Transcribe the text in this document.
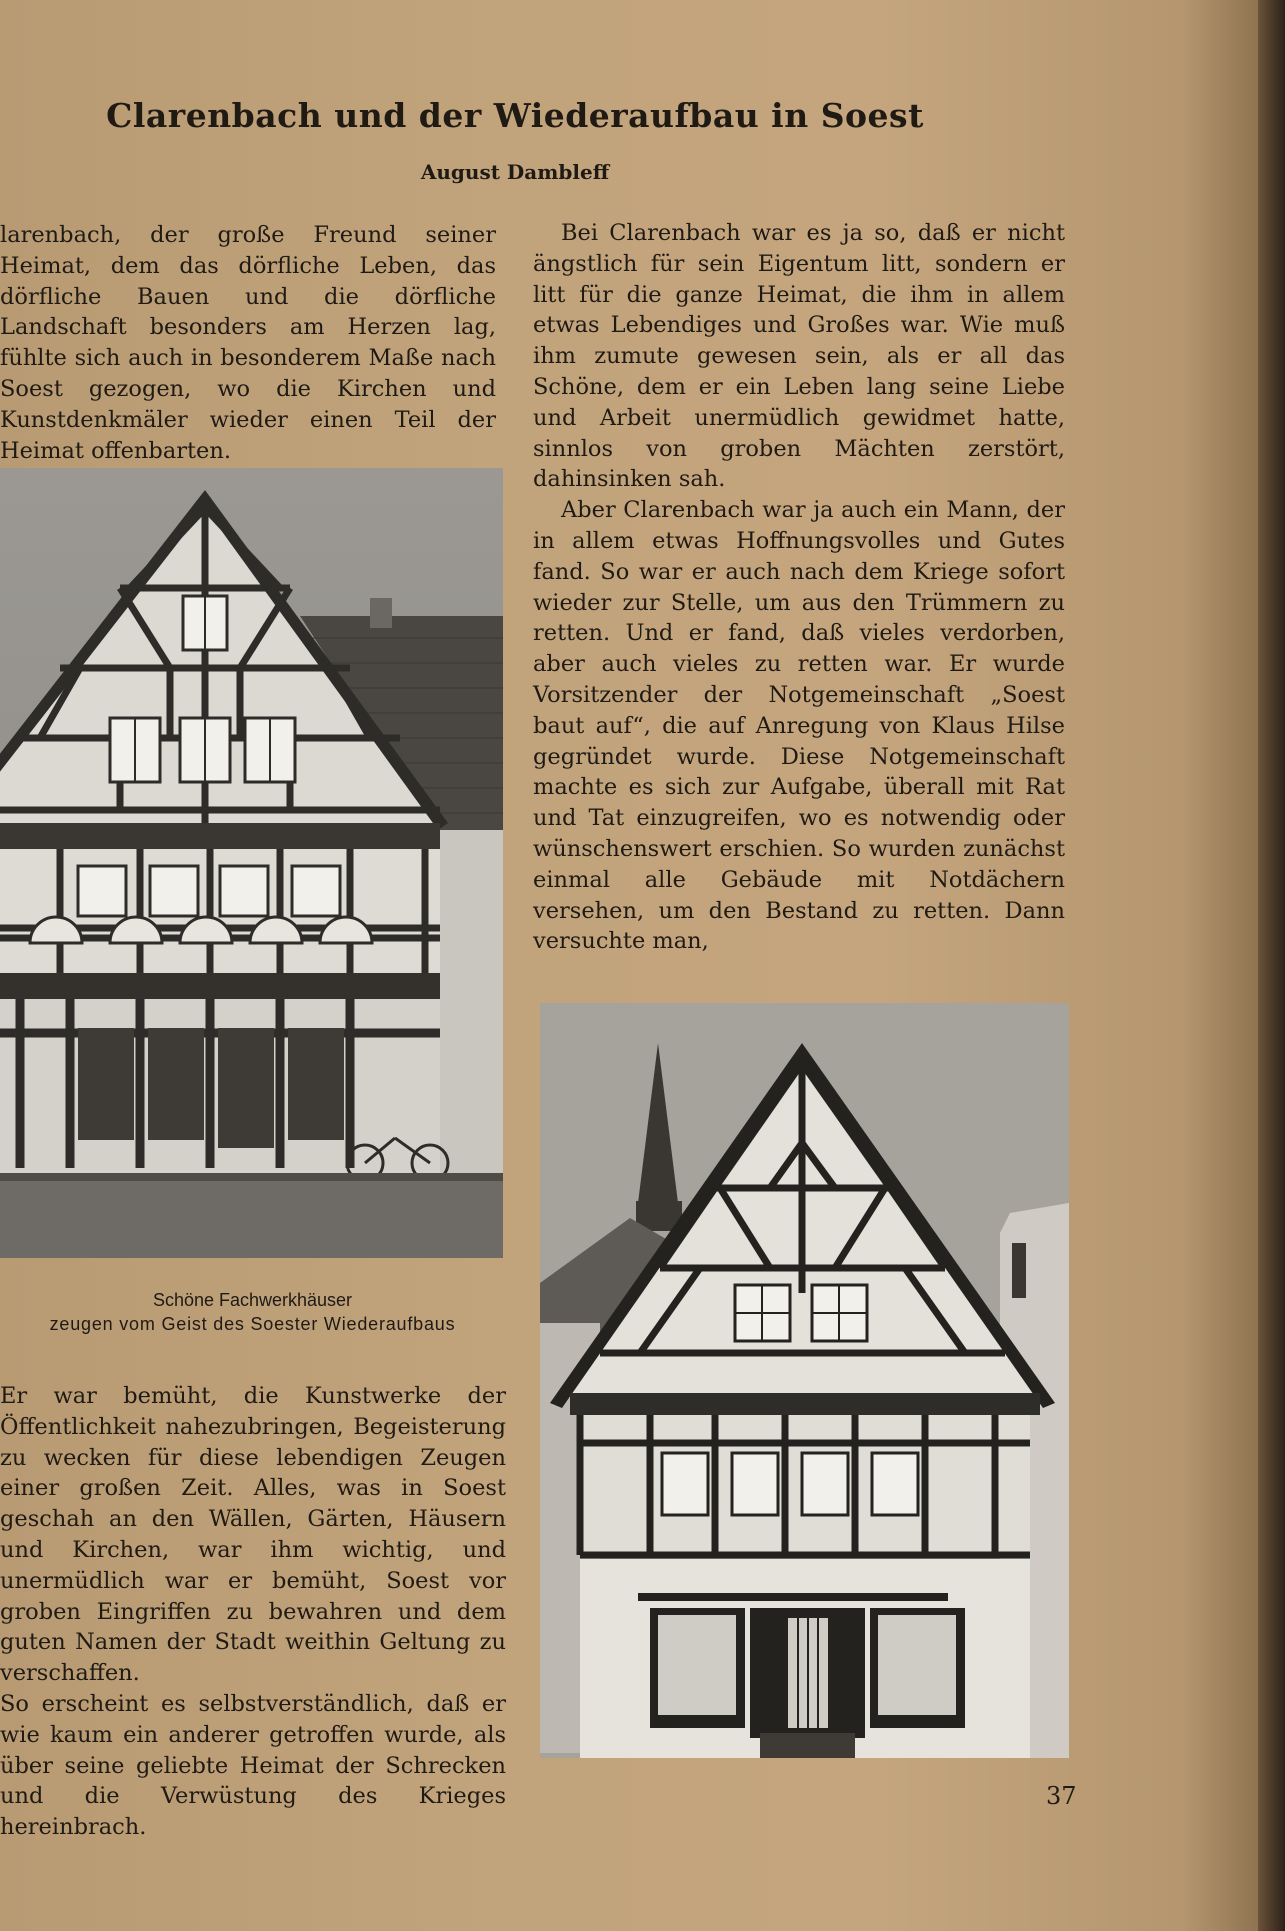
Clarenbach und der Wiederaufbau in Soest
August Dambleff

larenbach, der große Freund seiner Heimat, dem das dörfliche Leben, das dörfliche Bauen und die dörfliche Landschaft besonders am Herzen lag, fühlte sich auch in besonderem Maße nach Soest gezogen, wo die Kirchen und Kunstdenkmäler wieder einen Teil der Heimat offenbarten.

Schöne Fachwerkhäuser
zeugen vom Geist des Soester Wiederaufbaus

Er war bemüht, die Kunstwerke der Öffentlichkeit nahezubringen, Begeisterung zu wecken für diese lebendigen Zeugen einer großen Zeit. Alles, was in Soest geschah an den Wällen, Gärten, Häusern und Kirchen, war ihm wichtig, und unermüdlich war er bemüht, Soest vor groben Eingriffen zu bewahren und dem guten Namen der Stadt weithin Geltung zu verschaffen.

So erscheint es selbstverständlich, daß er wie kaum ein anderer getroffen wurde, als über seine geliebte Heimat der Schrecken und die Verwüstung des Krieges hereinbrach.

Bei Clarenbach war es ja so, daß er nicht ängstlich für sein Eigentum litt, sondern er litt für die ganze Heimat, die ihm in allem etwas Lebendiges und Großes war. Wie muß ihm zumute gewesen sein, als er all das Schöne, dem er ein Leben lang seine Liebe und Arbeit unermüdlich gewidmet hatte, sinnlos von groben Mächten zerstört, dahinsinken sah.

Aber Clarenbach war ja auch ein Mann, der in allem etwas Hoffnungsvolles und Gutes fand. So war er auch nach dem Kriege sofort wieder zur Stelle, um aus den Trümmern zu retten. Und er fand, daß vieles verdorben, aber auch vieles zu retten war. Er wurde Vorsitzender der Notgemeinschaft „Soest baut auf“, die auf Anregung von Klaus Hilse gegründet wurde. Diese Notgemeinschaft machte es sich zur Aufgabe, überall mit Rat und Tat einzugreifen, wo es notwendig oder wünschenswert erschien. So wurden zunächst einmal alle Gebäude mit Notdächern versehen, um den Bestand zu retten. Dann versuchte man,

37
